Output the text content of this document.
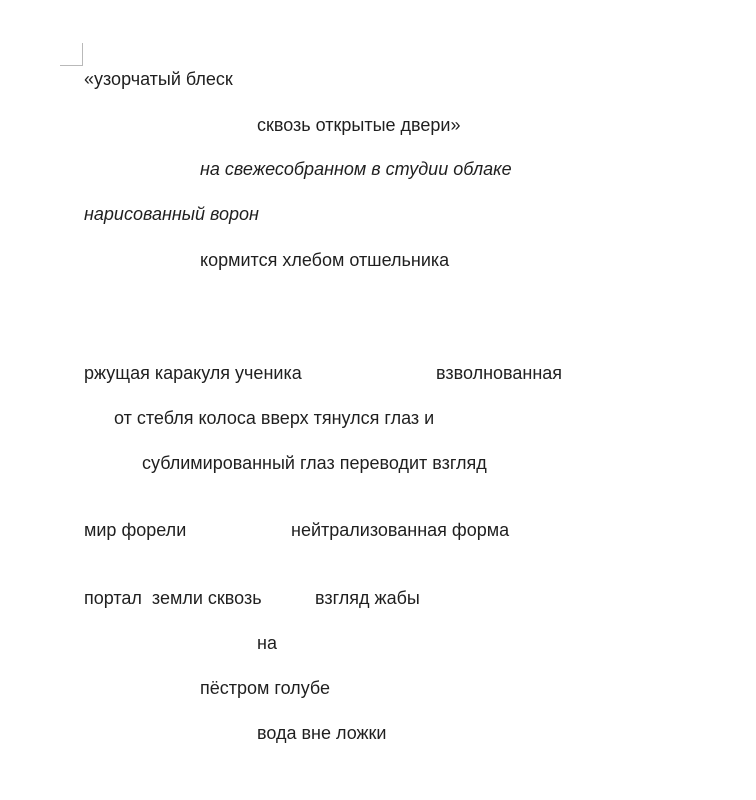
«узорчатый блеск
сквозь открытые двери»
на свежесобранном в студии облаке
нарисованный ворон
кормится хлебом отшельника
ржущая каракуля ученика	взволнованная
от стебля колоса вверх тянулся глаз и
сублимированный глаз переводит взгляд
мир форели	нейтрализованная форма
портал  земли сквозь	взгляд жабы
на
пёстром голубе
вода вне ложки
